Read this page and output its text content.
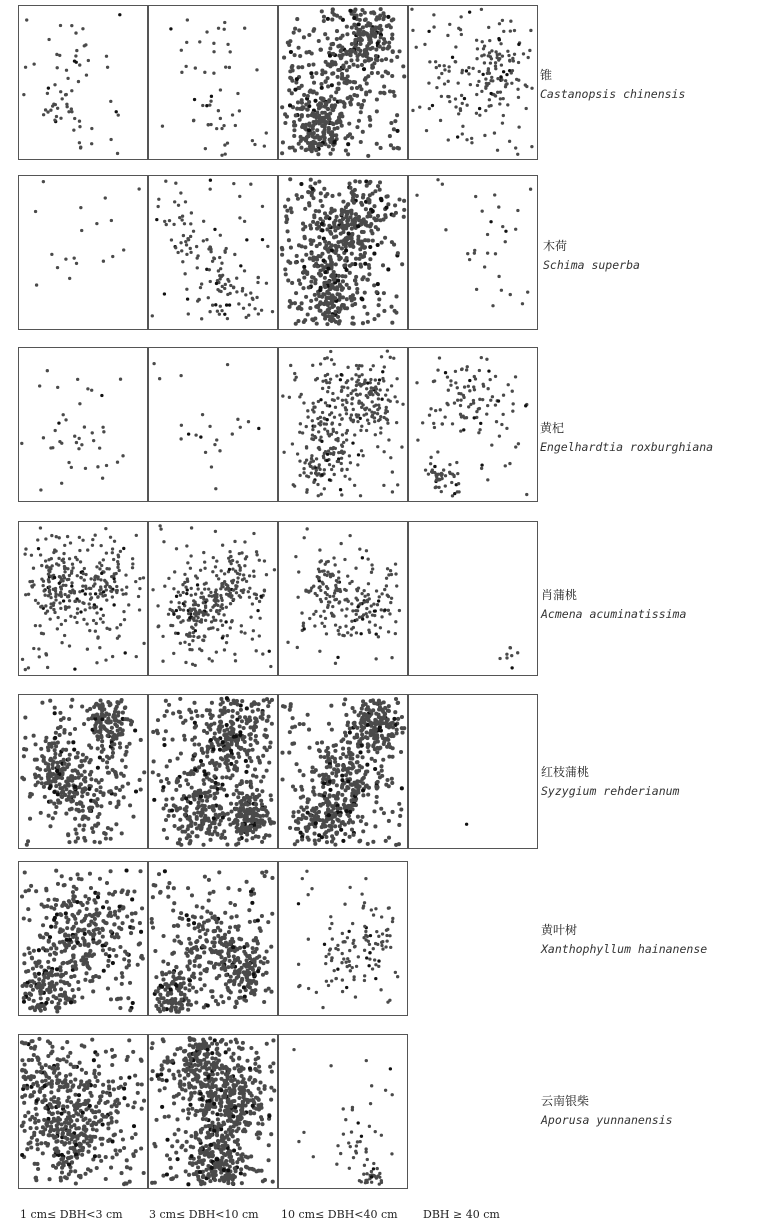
锥
Castanopsis chinensis
木荷
Schima superba
黄杞
Engelhardtia roxburghiana
肖蒲桃
Acmena acuminatissima
红枝蒲桃
Syzygium rehderianum
黄叶树
Xanthophyllum hainanense
云南银柴
Aporusa yunnanensis
1 cm≤ DBH<3 cm 3 cm≤ DBH<10 cm 10 cm≤ DBH<40 cm DBH ≥ 40 cm
